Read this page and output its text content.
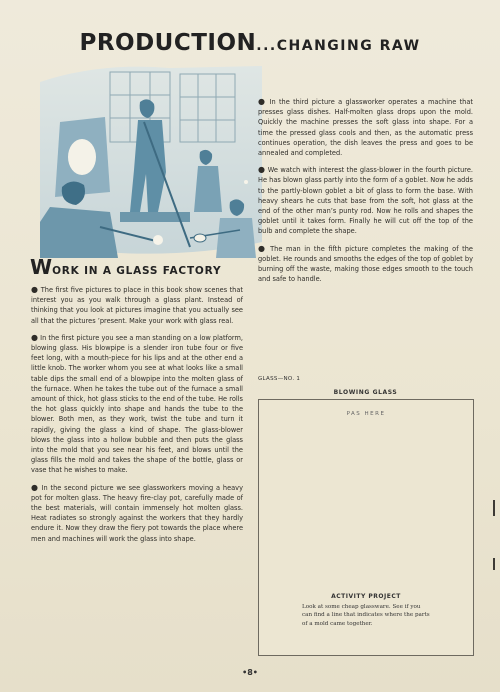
PRODUCTION...CHANGING RAW
WORK IN A GLASS FACTORY

● The first five pictures to place in this book show scenes that interest you as you walk through a glass plant. Instead of thinking that you look at pictures imagine that you actually see all that the pictures ’present. Make your work with glass real.

● In the first picture you see a man standing on a low platform, blowing glass. His blowpipe is a slender iron tube four or five feet long, with a mouth-piece for his lips and at the other end a little knob. The worker whom you see at what looks like a small table dips the small end of a blowpipe into the molten glass of the furnace. When he takes the tube out of the furnace a small amount of thick, hot glass sticks to the end of the tube. He rolls the hot glass quickly into shape and hands the tube to the blower. Both men, as they work, twist the tube and turn it rapidly, giving the glass a kind of shape. The glass-blower blows the glass into a hollow bubble and then puts the glass into the mold that you see near his feet, and blows until the glass fills the mold and takes the shape of the bottle, glass or vase that he wishes to make.

● In the second picture we see glassworkers moving a heavy pot for molten glass. The heavy fire-clay pot, carefully made of the best materials, will contain immensely hot molten glass. Heat radiates so strongly against the workers that they hardly endure it. Now they draw the fiery pot towards the place where men and machines will work the glass into shape.

● In the third picture a glassworker operates a machine that presses glass dishes. Half-molten glass drops upon the mold. Quickly the machine presses the soft glass into shape. For a time the pressed glass cools and then, as the automatic press continues operation, the dish leaves the press and goes to be annealed and completed.

● We watch with interest the glass-blower in the fourth picture. He has blown glass partly into the form of a goblet. Now he adds to the partly-blown goblet a bit of glass to form the base. With heavy shears he cuts that base from the soft, hot glass at the end of the other man’s punty rod. Now he rolls and shapes the goblet until it takes form. Finally he will cut off the top of the bulb and complete the shape.

● The man in the fifth picture completes the making of the goblet. He rounds and smooths the edges of the top of goblet by burning off the waste, making those edges smooth to the touch and safe to handle.

GLASS—NO. 1
BLOWING GLASS
PAS HERE
ACTIVITY PROJECT
Look at some cheap glassware. See if you can find a line that indicates where the parts of a mold came together.
•8•
